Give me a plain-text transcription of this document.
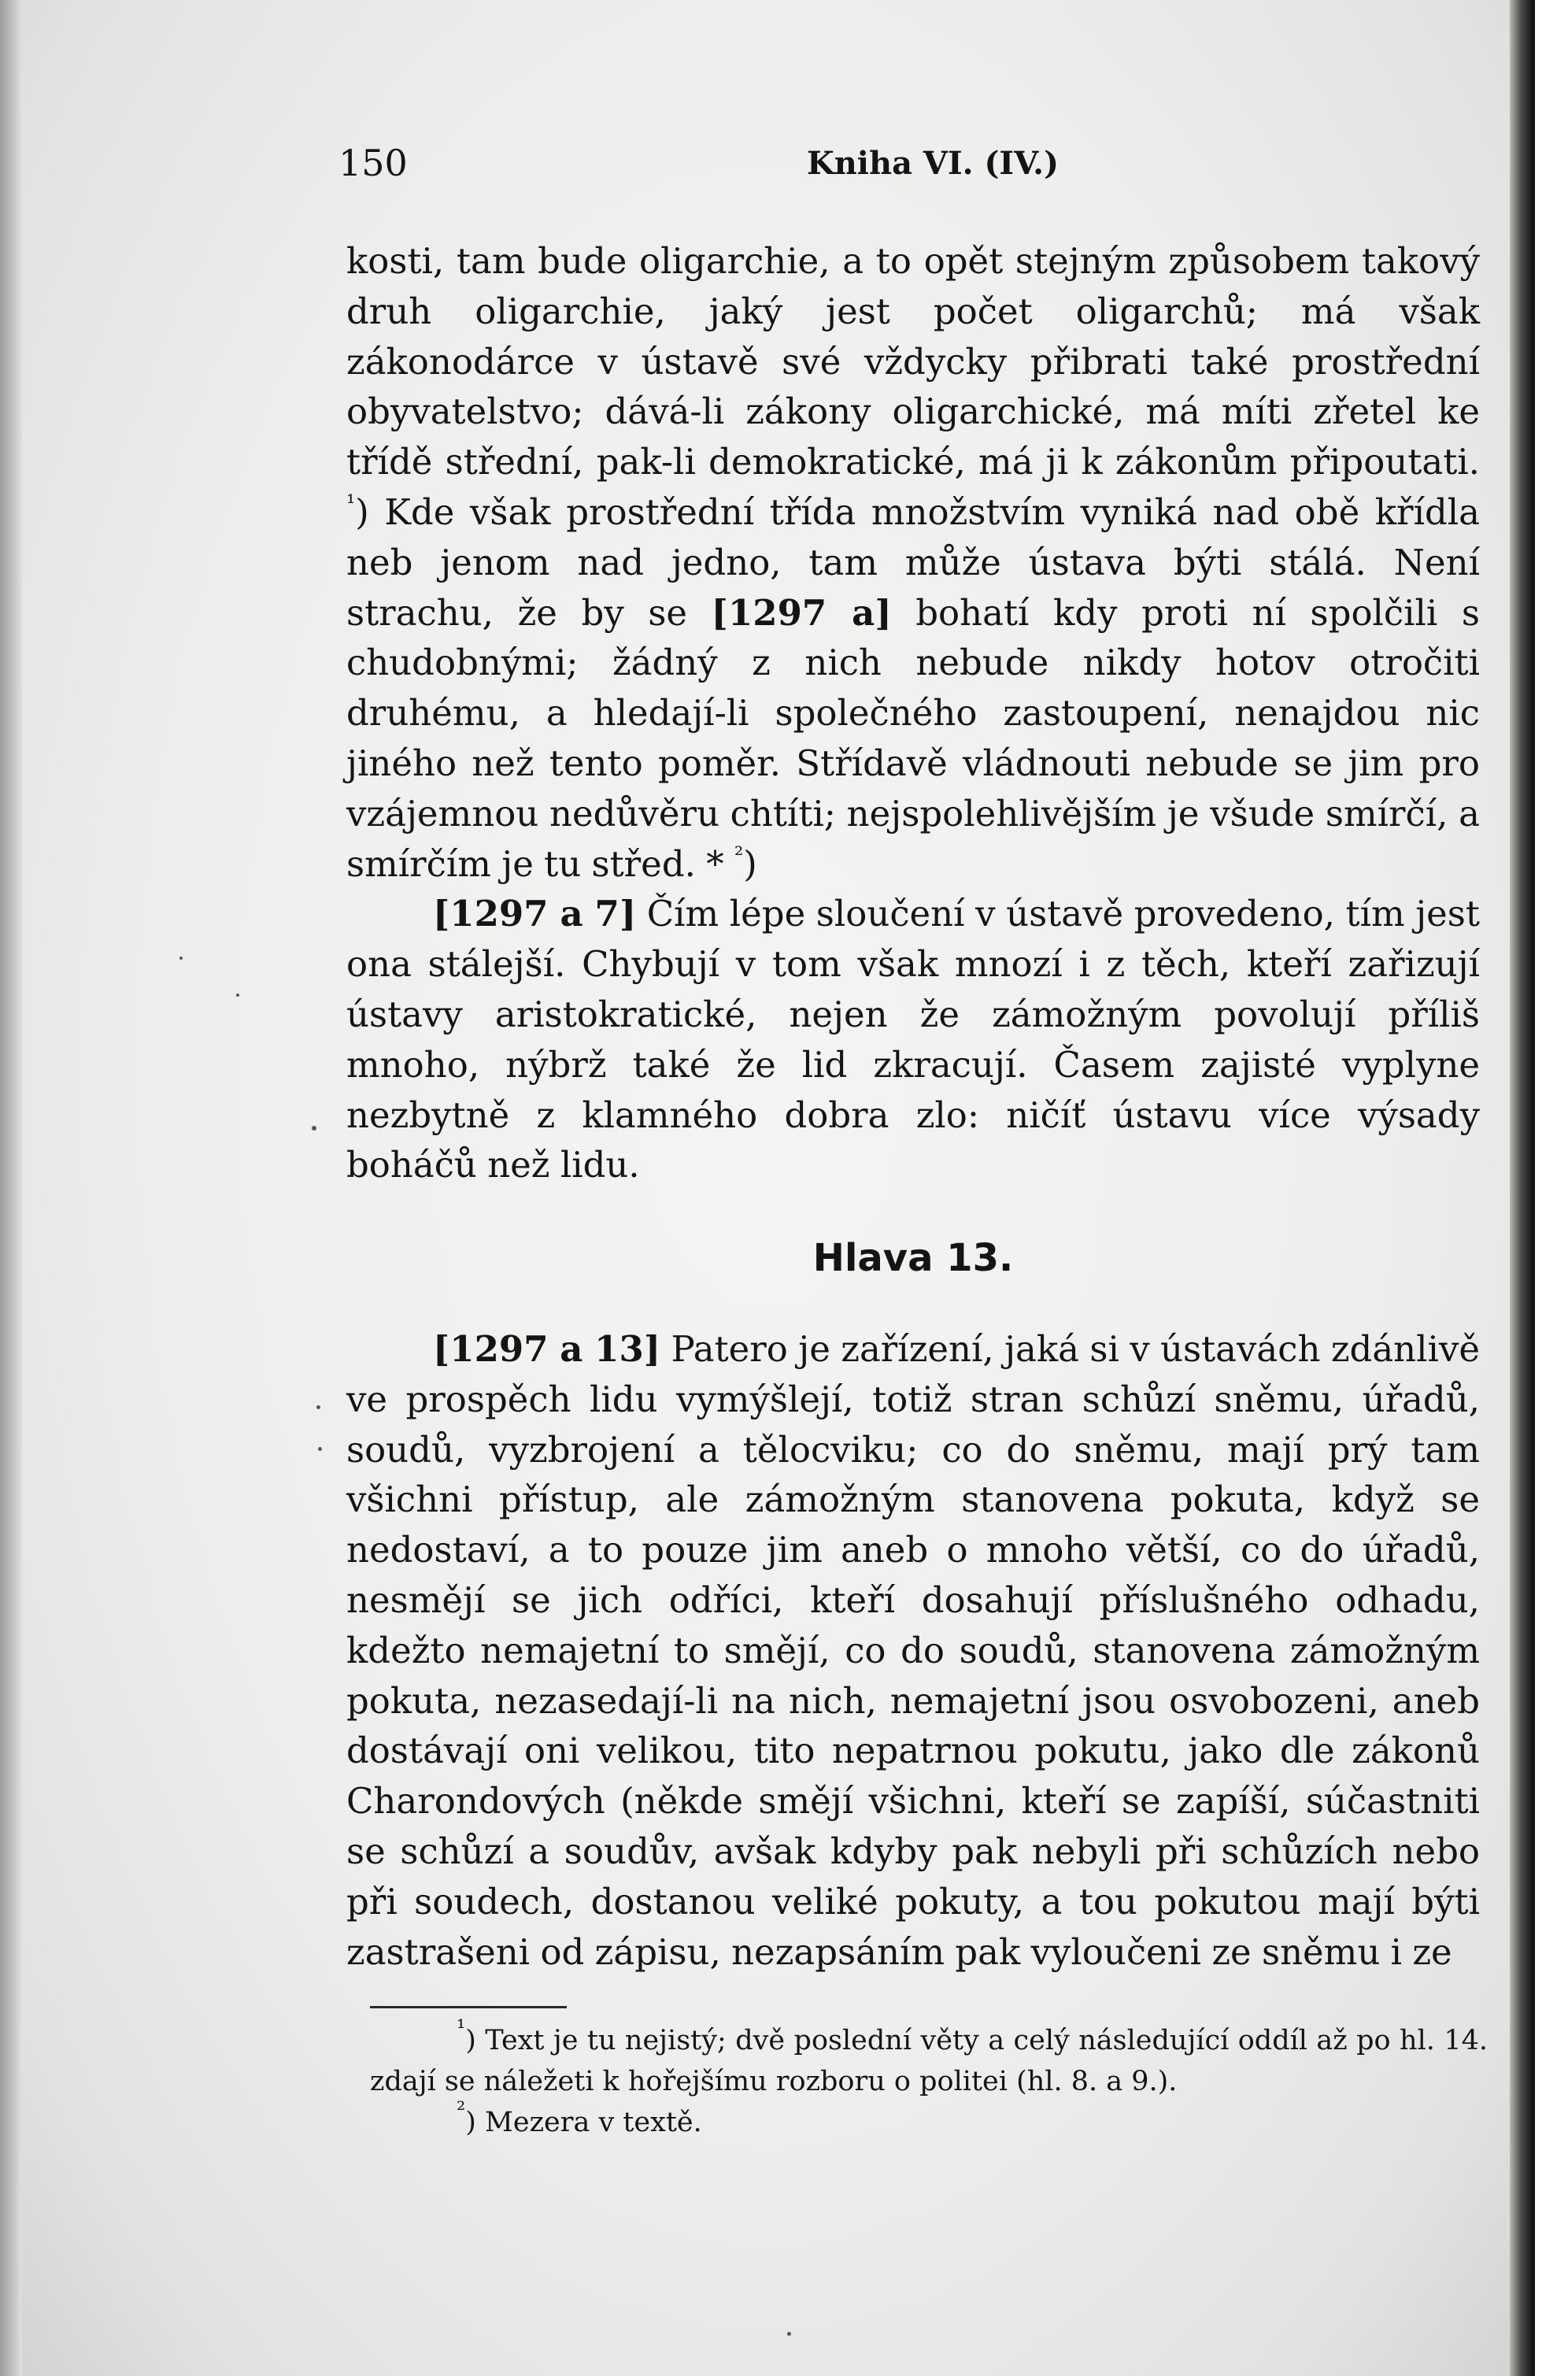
150	Kniha VI. (IV.)

kosti, tam bude oligarchie, a to opět stejným způsobem takový druh oligarchie, jaký jest počet oligarchů; má však zákonodárce v ústavě své vždycky přibrati také prostřední obyvatelstvo; dává-li zákony oligarchické, má míti zřetel ke třídě střední, pak-li demokratické, má ji k zákonům připoutati. $^{^1}$) Kde však prostřední třída množstvím vyniká nad obě křídla neb jenom nad jedno, tam může ústava býti stálá. Není strachu, že by se [1297 a] bohatí kdy proti ní spolčili s chudobnými; žádný z nich nebude nikdy hotov otročiti druhému, a hledají-li společného zastoupení, nenajdou nic jiného než tento poměr. Střídavě vládnouti nebude se jim pro vzájemnou nedůvěru chtíti; nejspolehlivějším je všude smírčí, a smírčím je tu střed. * $^{^2}$)

[1297 a 7] Čím lépe sloučení v ústavě provedeno, tím jest ona stálejší. Chybují v tom však mnozí i z těch, kteří zařizují ústavy aristokratické, nejen že zámožným povolují příliš mnoho, nýbrž také že lid zkracují. Časem zajisté vyplyne nezbytně z klamného dobra zlo: ničíť ústavu více výsady boháčů než lidu.

Hlava 13.

[1297 a 13] Patero je zařízení, jaká si v ústavách zdánlivě ve prospěch lidu vymýšlejí, totiž stran schůzí sněmu, úřadů, soudů, vyzbrojení a tělocviku; co do sněmu, mají prý tam všichni přístup, ale zámožným stanovena pokuta, když se nedostaví, a to pouze jim aneb o mnoho větší, co do úřadů, nesmějí se jich odříci, kteří dosahují příslušného odhadu, kdežto nemajetní to smějí, co do soudů, stanovena zámožným pokuta, nezasedají-li na nich, nemajetní jsou osvobozeni, aneb dostávají oni velikou, tito nepatrnou pokutu, jako dle zákonů Charondových (někde smějí všichni, kteří se zapíší, súčastniti se schůzí a soudův, avšak kdyby pak nebyli při schůzích nebo při soudech, dostanou veliké pokuty, a tou pokutou mají býti zastrašeni od zápisu, nezapsáním pak vyloučeni ze sněmu i ze

$^{^1}$) Text je tu nejistý; dvě poslední věty a celý následující oddíl až po hl. 14. zdají se náležeti k hořejšímu rozboru o politei (hl. 8. a 9.).

$^{^2}$) Mezera v textě.
